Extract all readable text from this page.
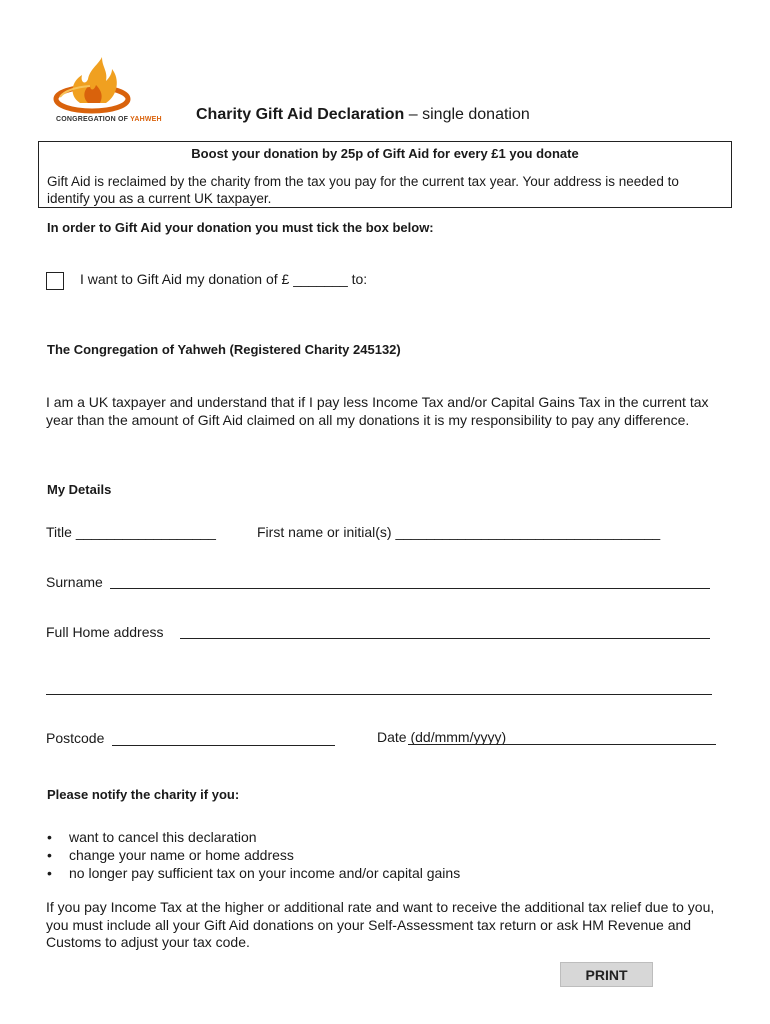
CONGREGATION OF YAHWEH Charity Gift Aid Declaration – single donation
Boost your donation by 25p of Gift Aid for every £1 you donate
Gift Aid is reclaimed by the charity from the tax you pay for the current tax year. Your address is needed to identify you as a current UK taxpayer.
In order to Gift Aid your donation you must tick the box below:
I want to Gift Aid my donation of £ _______ to:
The Congregation of Yahweh (Registered Charity 245132)
I am a UK taxpayer and understand that if I pay less Income Tax and/or Capital Gains Tax in the current tax year than the amount of Gift Aid claimed on all my donations it is my responsibility to pay any difference.
My Details
Title __________________	First name or initial(s) __________________________________
Surname
Full Home address
Postcode	Date (dd/mmm/yyyy)
Please notify the charity if you:
• want to cancel this declaration
• change your name or home address
• no longer pay sufficient tax on your income and/or capital gains
If you pay Income Tax at the higher or additional rate and want to receive the additional tax relief due to you, you must include all your Gift Aid donations on your Self-Assessment tax return or ask HM Revenue and Customs to adjust your tax code.
PRINT
